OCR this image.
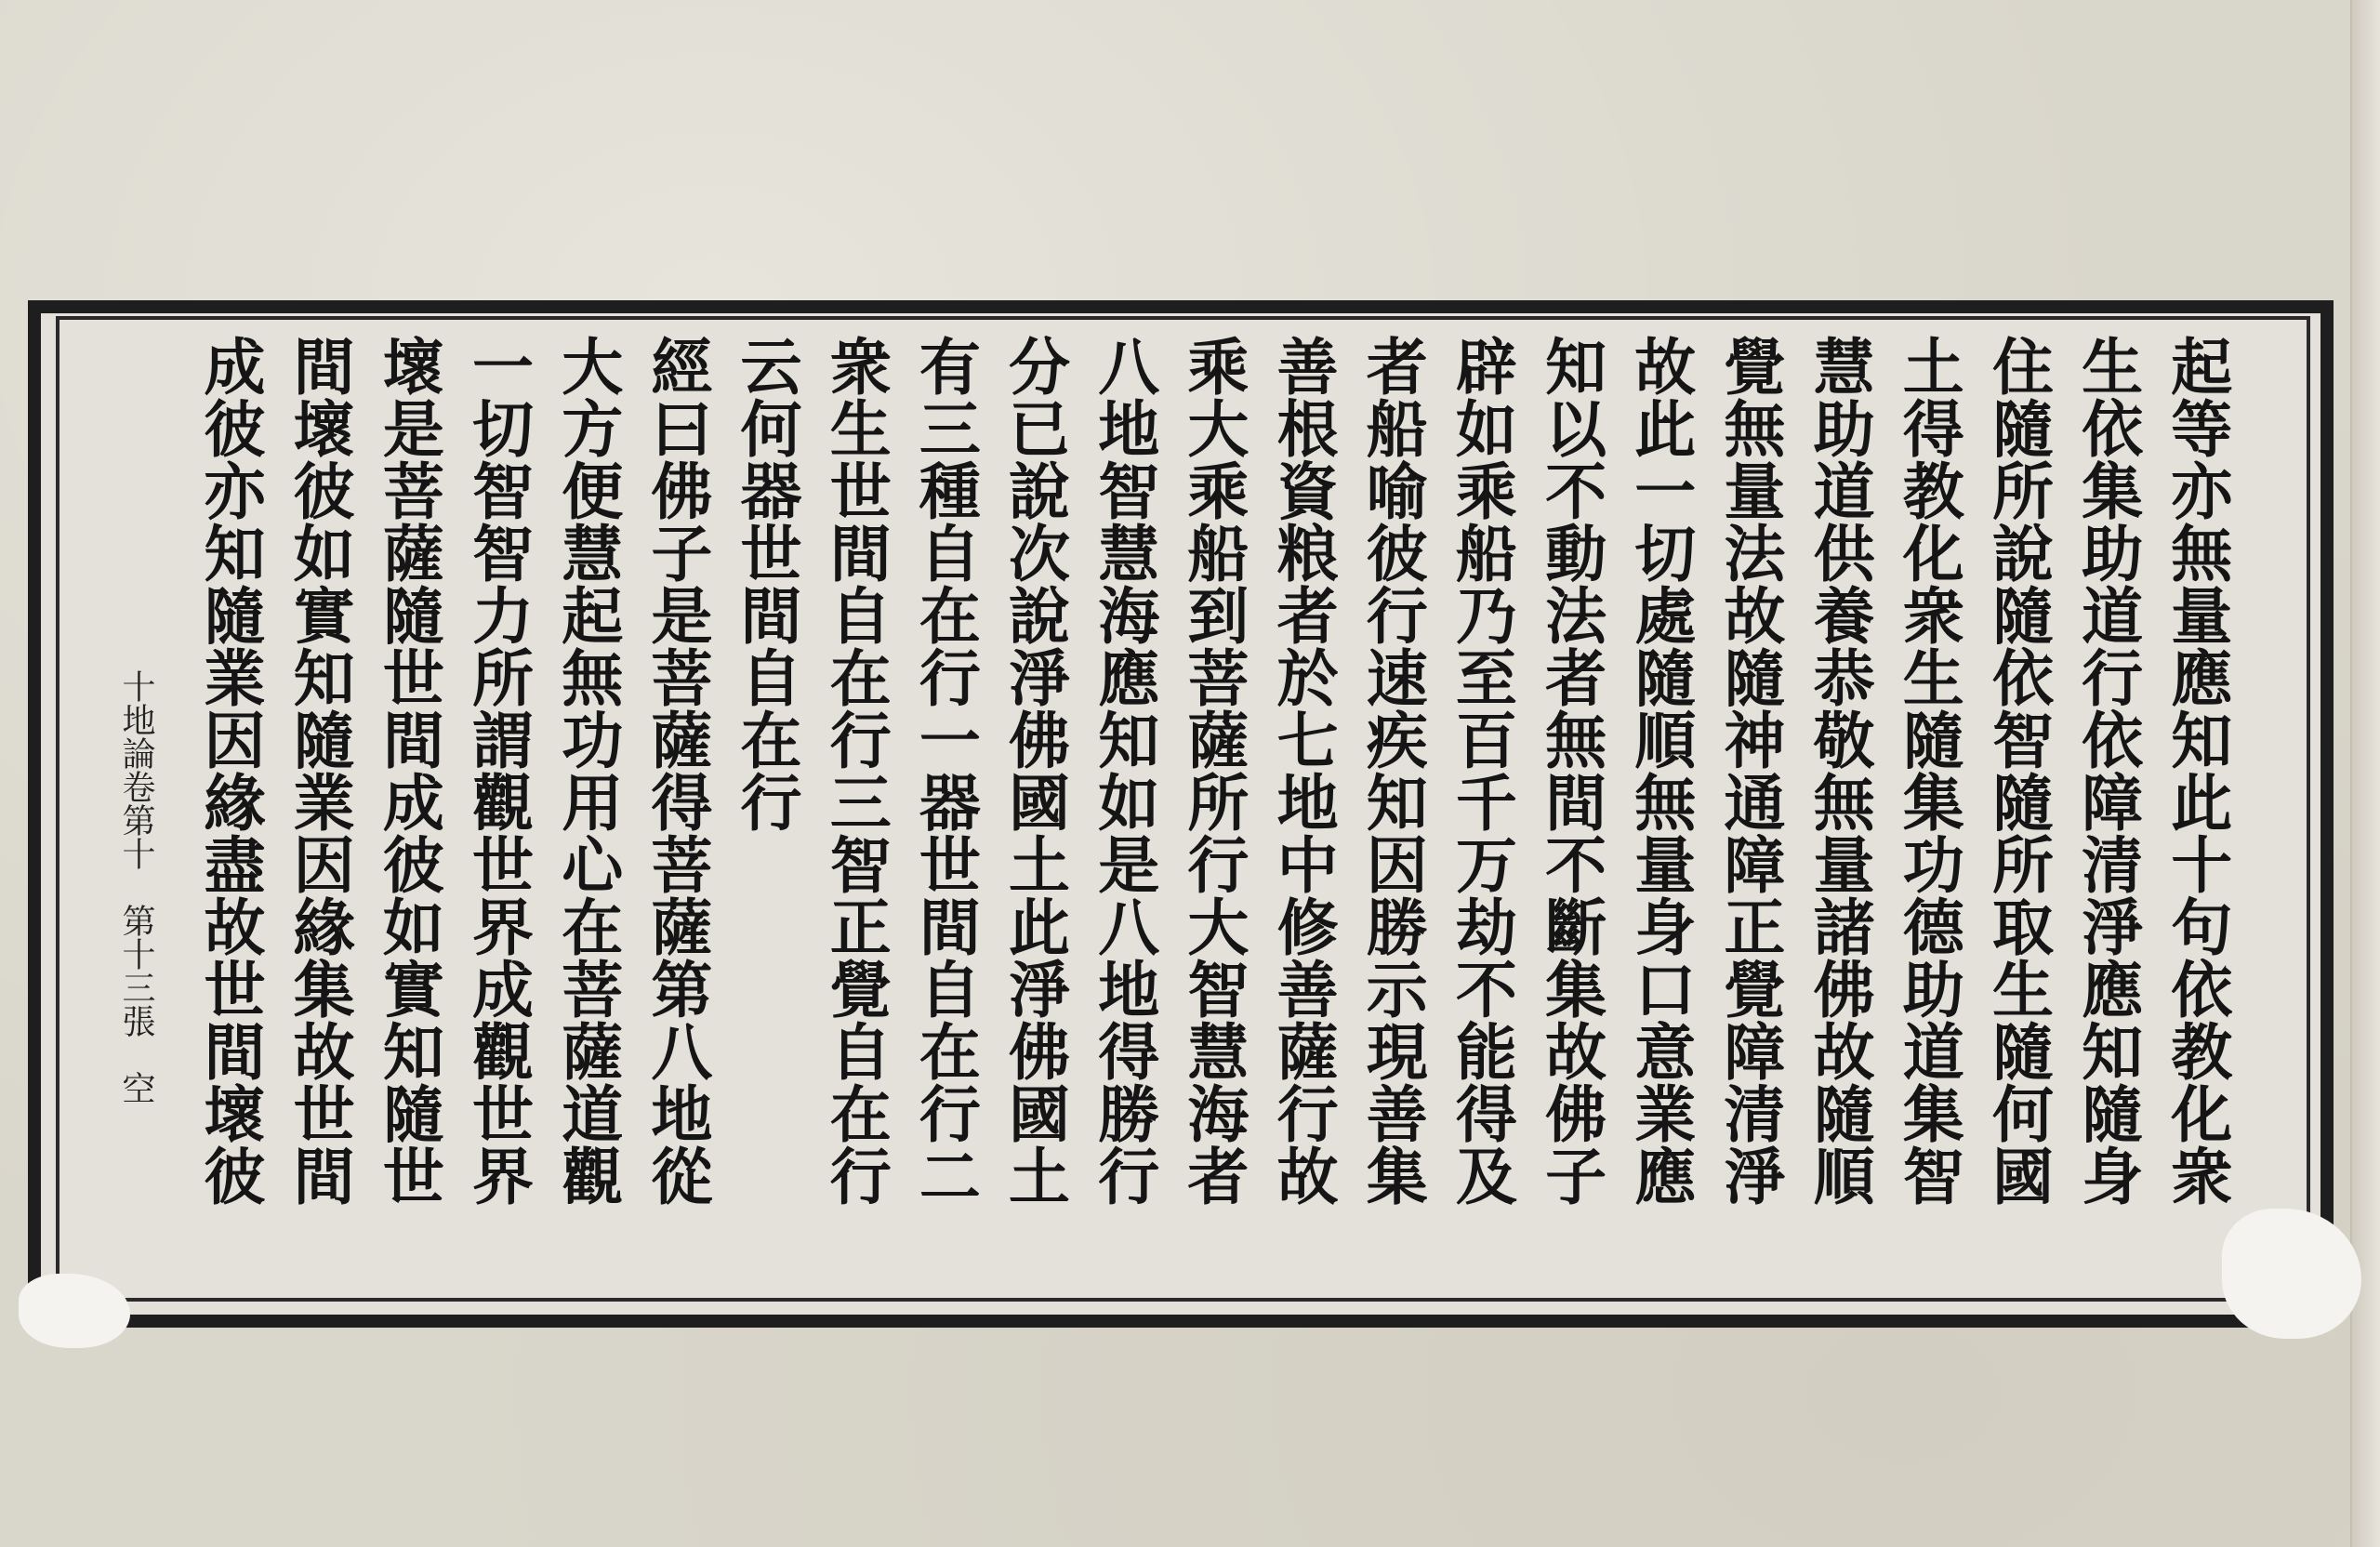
起等亦無量應知此十句依教化衆
生依集助道行依障清淨應知隨身
住隨所說隨依智隨所取生隨何國
土得教化衆生隨集功德助道集智
慧助道供養恭敬無量諸佛故隨順
覺無量法故隨神通障正覺障清淨
故此一切處隨順無量身口意業應
知以不動法者無間不斷集故佛子
辟如乘船乃至百千万劫不能得及
者船喻彼行速疾知因勝示現善集
善根資粮者於七地中修善薩行故
乘大乘船到菩薩所行大智慧海者
八地智慧海應知如是八地得勝行
分已說次說淨佛國土此淨佛國土
有三種自在行一器世間自在行二
衆生世間自在行三智正覺自在行
云何器世間自在行
經曰佛子是菩薩得菩薩第八地從
大方便慧起無功用心在菩薩道觀
一切智智力所謂觀世界成觀世界
壞是菩薩隨世間成彼如實知隨世
間壞彼如實知隨業因緣集故世間
成彼亦知隨業因緣盡故世間壞彼
十地論卷第十　第十三張　空
